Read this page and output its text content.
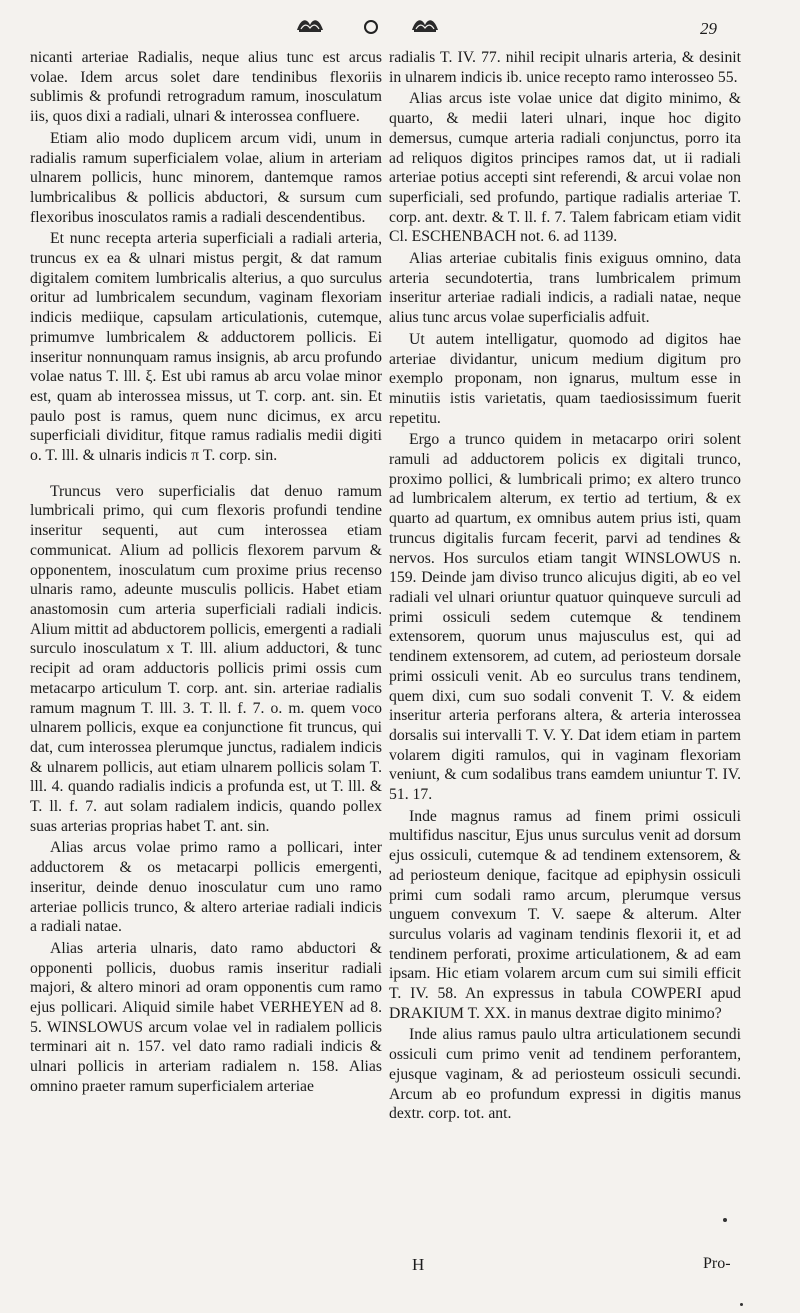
29

nicanti arteriae Radialis, neque alius tunc est arcus volae. Idem arcus solet dare tendinibus flexoriis sublimis & profundi retrogradum ramum, inosculatum iis, quos dixi a radiali, ulnari & interossea confluere.

Etiam alio modo duplicem arcum vidi, unum in radialis ramum superficialem volae, alium in arteriam ulnarem pollicis, hunc minorem, dantemque ramos lumbricalibus & pollicis abductori, & sursum cum flexoribus inosculatos ramis a radiali descendentibus.

Et nunc recepta arteria superficiali a radiali arteria, truncus ex ea & ulnari mistus pergit, & dat ramum digitalem comitem lumbricalis alterius, a quo surculus oritur ad lumbricalem secundum, vaginam flexoriam indicis mediique, capsulam articulationis, cutemque, primumve lumbricalem & adductorem pollicis. Ei inseritur nonnunquam ramus insignis, ab arcu profundo volae natus T. lll. ξ. Est ubi ramus ab arcu volae minor est, quam ab interossea missus, ut T. corp. ant. sin. Et paulo post is ramus, quem nunc dicimus, ex arcu superficiali dividitur, fitque ramus radialis medii digiti o. T. lll. & ulnaris indicis π T. corp. sin.

Truncus vero superficialis dat denuo ramum lumbricali primo, qui cum flexoris profundi tendine inseritur sequenti, aut cum interossea etiam communicat. Alium ad pollicis flexorem parvum & opponentem, inosculatum cum proxime prius recenso ulnaris ramo, adeunte musculis pollicis. Habet etiam anastomosin cum arteria superficiali radiali indicis. Alium mittit ad abductorem pollicis, emergenti a radiali surculo inosculatum x T. lll. alium adductori, & tunc recipit ad oram adductoris pollicis primi ossis cum metacarpo articulum T. corp. ant. sin. arteriae radialis ramum magnum T. lll. 3. T. ll. f. 7. o. m. quem voco ulnarem pollicis, exque ea conjunctione fit truncus, qui dat, cum interossea plerumque junctus, radialem indicis & ulnarem pollicis, aut etiam ulnarem pollicis solam T. lll. 4. quando radialis indicis a profunda est, ut T. lll. & T. ll. f. 7. aut solam radialem indicis, quando pollex suas arterias proprias habet T. ant. sin.

Alias arcus volae primo ramo a pollicari, inter adductorem & os metacarpi pollicis emergenti, inseritur, deinde denuo inosculatur cum uno ramo arteriae pollicis trunco, & altero arteriae radiali indicis a radiali natae.

Alias arteria ulnaris, dato ramo abductori & opponenti pollicis, duobus ramis inseritur radiali majori, & altero minori ad oram opponentis cum ramo ejus pollicari. Aliquid simile habet VERHEYEN ad 8. 5. WINSLOWUS arcum volae vel in radialem pollicis terminari ait n. 157. vel dato ramo radiali indicis & ulnari pollicis in arteriam radialem n. 158. Alias omnino praeter ramum superficialem arteriae

radialis T. IV. 77. nihil recipit ulnaris arteria, & desinit in ulnarem indicis ib. unice recepto ramo interosseo 55.

Alias arcus iste volae unice dat digito minimo, & quarto, & medii lateri ulnari, inque hoc digito demersus, cumque arteria radiali conjunctus, porro ita ad reliquos digitos principes ramos dat, ut ii radiali arteriae potius accepti sint referendi, & arcui volae non superficiali, sed profundo, partique radialis arteriae T. corp. ant. dextr. & T. ll. f. 7. Talem fabricam etiam vidit Cl. ESCHENBACH not. 6. ad 1139.

Alias arteriae cubitalis finis exiguus omnino, data arteria secundotertia, trans lumbricalem primum inseritur arteriae radiali indicis, a radiali natae, neque alius tunc arcus volae superficialis adfuit.

Ut autem intelligatur, quomodo ad digitos hae arteriae dividantur, unicum medium digitum pro exemplo proponam, non ignarus, multum esse in minutiis istis varietatis, quam taediosissimum fuerit repetitu.

Ergo a trunco quidem in metacarpo oriri solent ramuli ad adductorem policis ex digitali trunco, proximo pollici, & lumbricali primo; ex altero trunco ad lumbricalem alterum, ex tertio ad tertium, & ex quarto ad quartum, ex omnibus autem prius isti, quam truncus digitalis furcam fecerit, parvi ad tendines & nervos. Hos surculos etiam tangit WINSLOWUS n. 159. Deinde jam diviso trunco alicujus digiti, ab eo vel radiali vel ulnari oriuntur quatuor quinqueve surculi ad primi ossiculi sedem cutemque & tendinem extensorem, quorum unus majusculus est, qui ad tendinem extensorem, ad cutem, ad periosteum dorsale primi ossiculi venit. Ab eo surculus trans tendinem, quem dixi, cum suo sodali convenit T. V. & eidem inseritur arteria perforans altera, & arteria interossea dorsalis sui intervalli T. V. Y. Dat idem etiam in partem volarem digiti ramulos, qui in vaginam flexoriam veniunt, & cum sodalibus trans eamdem uniuntur T. IV. 51. 17.

Inde magnus ramus ad finem primi ossiculi multifidus nascitur, Ejus unus surculus venit ad dorsum ejus ossiculi, cutemque & ad tendinem extensorem, & ad periosteum denique, facitque ad epiphysin ossiculi primi cum sodali ramo arcum, plerumque versus unguem convexum T. V. saepe & alterum. Alter surculus volaris ad vaginam tendinis flexorii it, et ad tendinem perforati, proxime articulationem, & ad eam ipsam. Hic etiam volarem arcum cum sui simili efficit T. IV. 58. An expressus in tabula COWPERI apud DRAKIUM T. XX. in manus dextrae digito minimo?

Inde alius ramus paulo ultra articulationem secundi ossiculi cum primo venit ad tendinem perforantem, ejusque vaginam, & ad periosteum ossiculi secundi. Arcum ab eo profundum expressi in digitis manus dextr. corp. tot. ant.

H	Pro-
